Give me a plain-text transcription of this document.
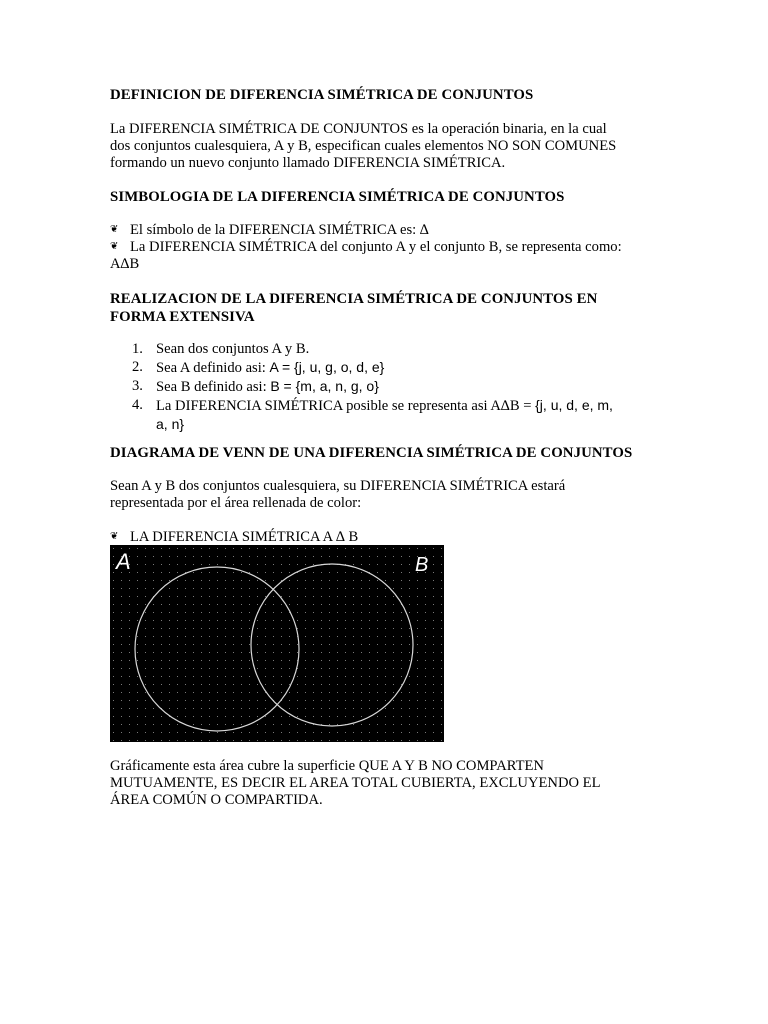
DEFINICION DE DIFERENCIA SIMÉTRICA DE CONJUNTOS

La DIFERENCIA SIMÉTRICA DE CONJUNTOS es la operación binaria, en la cual

dos conjuntos cualesquiera, A y B, especifican cuales elementos NO SON COMUNES

formando un nuevo conjunto llamado DIFERENCIA SIMÉTRICA.

SIMBOLOGIA DE LA DIFERENCIA SIMÉTRICA DE CONJUNTOS

❦ El símbolo de la DIFERENCIA SIMÉTRICA es: ∆
❦ La DIFERENCIA SIMÉTRICA del conjunto A y el conjunto B, se representa como:
A∆B

REALIZACION DE LA DIFERENCIA SIMÉTRICA DE CONJUNTOS EN

FORMA EXTENSIVA

1. Sean dos conjuntos A y B.
2. Sea A definido asi: A = {j, u, g, o, d, e}
3. Sea B definido asi: B = {m, a, n, g, o}
4. La DIFERENCIA SIMÉTRICA posible se representa asi A∆B = {j, u, d, e, m,
a, n}

DIAGRAMA DE VENN DE UNA DIFERENCIA SIMÉTRICA DE CONJUNTOS

Sean A y B dos conjuntos cualesquiera, su DIFERENCIA SIMÉTRICA estará

representada por el área rellenada de color:

❦ LA DIFERENCIA SIMÉTRICA A ∆ B
A	B

Gráficamente esta área cubre la superficie QUE A Y B NO COMPARTEN

MUTUAMENTE, ES DECIR EL AREA TOTAL CUBIERTA, EXCLUYENDO EL

ÁREA COMÚN O COMPARTIDA.
